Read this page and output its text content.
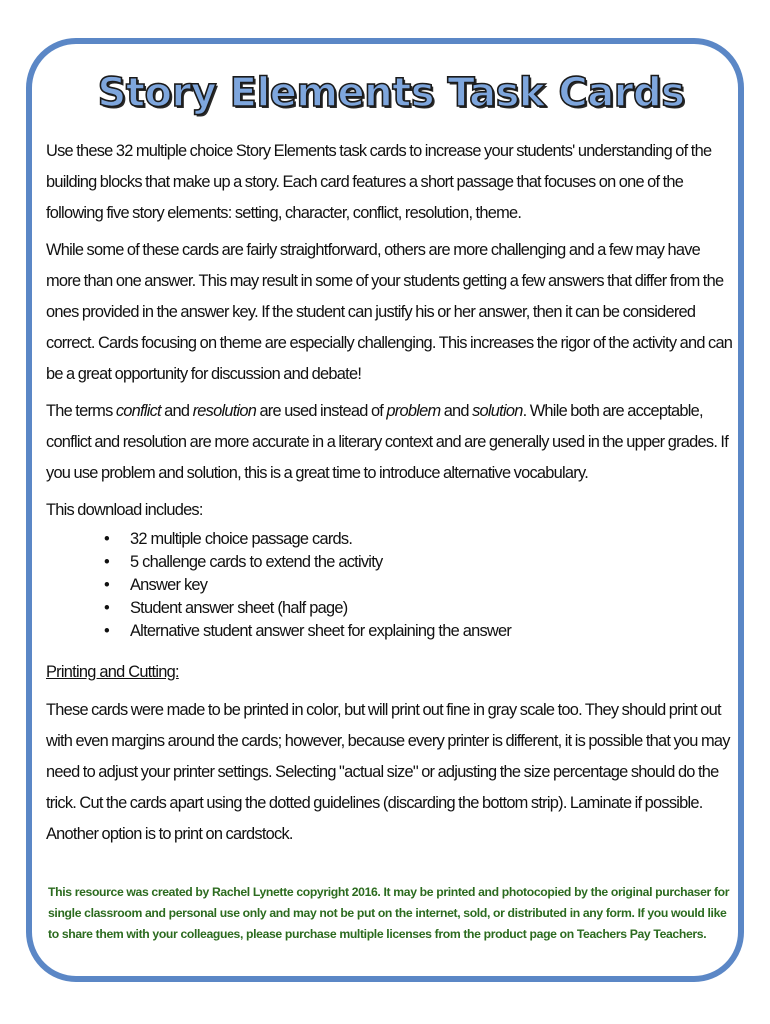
Story Elements Task Cards

Use these 32 multiple choice Story Elements task cards to increase your students' understanding of the building blocks that make up a story. Each card features a short passage that focuses on one of the following five story elements: setting, character, conflict, resolution, theme.

While some of these cards are fairly straightforward, others are more challenging and a few may have more than one answer. This may result in some of your students getting a few answers that differ from the ones provided in the answer key. If the student can justify his or her answer, then it can be considered correct. Cards focusing on theme are especially challenging. This increases the rigor of the activity and can be a great opportunity for discussion and debate!

The terms conflict and resolution are used instead of problem and solution. While both are acceptable, conflict and resolution are more accurate in a literary context and are generally used in the upper grades. If you use problem and solution, this is a great time to introduce alternative vocabulary.

This download includes:

• 32 multiple choice passage cards.
• 5 challenge cards to extend the activity
• Answer key
• Student answer sheet (half page)
• Alternative student answer sheet for explaining the answer
Printing and Cutting:

These cards were made to be printed in color, but will print out fine in gray scale too. They should print out with even margins around the cards; however, because every printer is different, it is possible that you may need to adjust your printer settings. Selecting "actual size" or adjusting the size percentage should do the trick. Cut the cards apart using the dotted guidelines (discarding the bottom strip). Laminate if possible. Another option is to print on cardstock.

This resource was created by Rachel Lynette copyright 2016. It may be printed and photocopied by the original purchaser for single classroom and personal use only and may not be put on the internet, sold, or distributed in any form. If you would like to share them with your colleagues, please purchase multiple licenses from the product page on Teachers Pay Teachers.
